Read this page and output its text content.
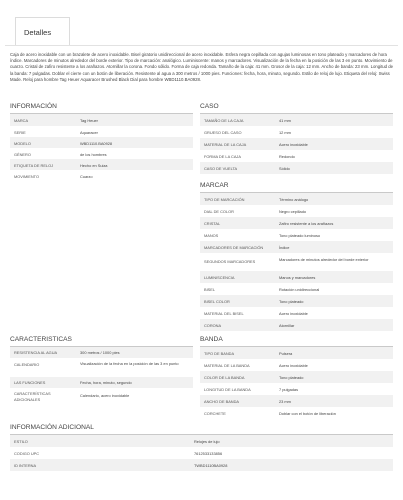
Detalles
Caja de acero inoxidable con un brazalete de acero inoxidable. Bisel giratorio unidireccional de acero inoxidable. Esfera negra cepillada con agujas luminosas en tono plateado y marcadores de hora índice. Marcadores de minutos alrededor del borde exterior. Tipo de marcación: analógico. Luminiscente: manos y marcadores. Visualización de la fecha en la posición de las 3 en punto. Movimiento de cuarzo. Cristal de zafiro resistente a los arañazos. Atornillar la corona. Fondo sólido. Forma de caja redonda. Tamaño de la caja: 41 mm. Grosor de la caja: 12 mm. Ancho de banda: 23 mm. Longitud de la banda: 7 pulgadas. Doblar el cierre con un botón de liberación. Resistente al agua a 300 metros / 1000 pies. Funciones: fecha, hora, minuto, segundo. Estilo de reloj de lujo. Etiqueta del reloj: Swiss Made. Reloj para hombre Tag Heuer Aquaracer Brushed Black Dial para hombre WBD1110.BA0928.
INFORMACIÓN
MARCA	Tag Heuer
SERIE	Aquaracer
MODELO	WBD1110.BA0928
GÉNERO	de los hombres
ETIQUETA DE RELOJ	Hecho en Suiza
MOVIMIENTO	Cuarzo
CASO
TAMAÑO DE LA CAJA	41 mm
GRUESO DEL CASO	12 mm
MATERIAL DE LA CAJA	Acero inoxidable
FORMA DE LA CAJA	Redondo
CASO DE VUELTA	Sólido
MARCAR
TIPO DE MARCACIÓN	Término análogo
DIAL DE COLOR	Negro cepillado
CRISTAL	Zafiro resistente a los arañazos
MANOS	Tono plateado luminoso
MARCADORES DE MARCACIÓN	Índice
SEGUNDOS MARCADORES	Marcadores de minutos alrededor del borde exterior
LUMINISCENCIA	Manos y marcadores
BISEL	Rotación unidireccional
BISEL COLOR	Tono plateado
MATERIAL DEL BISEL	Acero inoxidable
CORONA	Atornillar
CARACTERISTICAS
RESISTENCIA AL AGUA	300 metros / 1000 pies
CALENDARIO	Visualización de la fecha en la posición de las 3 en punto
LAS FUNCIONES	Fecha, hora, minuto, segundo
CARACTERÍSTICAS ADICIONALES	Calendario, acero inoxidable
BANDA
TIPO DE BANDA	Pulsera
MATERIAL DE LA BANDA	Acero inoxidable
COLOR DE LA BANDA	Tono plateado
LONGITUD DE LA BANDA	7 pulgadas
ANCHO DE BANDA	23 mm
CORCHETE	Doblar con el botón de liberación
INFORMACIÓN ADICIONAL
ESTILO	Relojes de lujo
CODIGO UPC	7612533133856
ID INTERNA	TWBD1110BA0928
